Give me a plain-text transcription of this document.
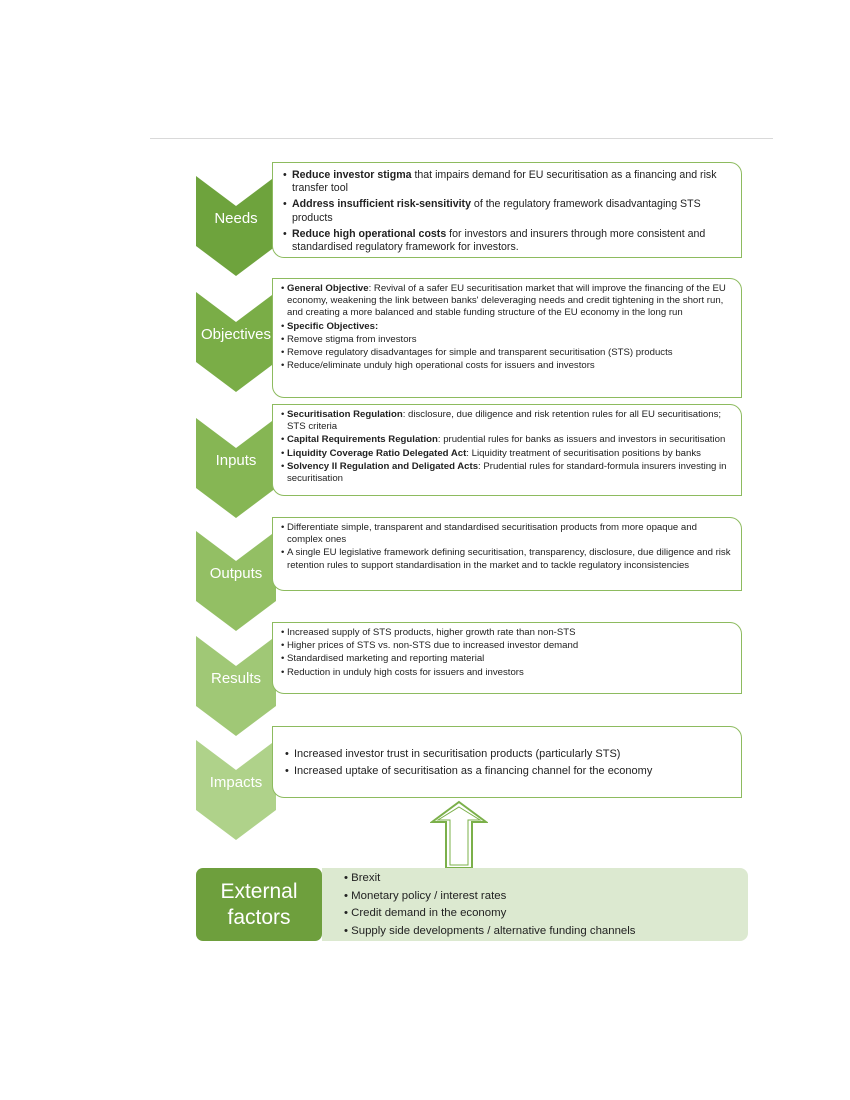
Needs
• Reduce investor stigma that impairs demand for EU securitisation as a financing and risk transfer tool
• Address insufficient risk-sensitivity of the regulatory framework disadvantaging STS products
• Reduce high operational costs for investors and insurers through more consistent and standardised regulatory framework for investors.
Objectives
• General Objective: Revival of a safer EU securitisation market that will improve the financing of the EU economy, weakening the link between banks' deleveraging needs and credit tightening in the short run, and creating a more balanced and stable funding structure of the EU economy in the long run
• Specific Objectives:
• Remove stigma from investors
• Remove regulatory disadvantages for simple and transparent securitisation (STS) products
• Reduce/eliminate unduly high operational costs for issuers and investors
Inputs
• Securitisation Regulation: disclosure, due diligence and risk retention rules for all EU securitisations; STS criteria
• Capital Requirements Regulation: prudential rules for banks as issuers and investors in securitisation
• Liquidity Coverage Ratio Delegated Act: Liquidity treatment of securitisation positions by banks
• Solvency II Regulation and Deligated Acts: Prudential rules for standard-formula insurers investing in securitisation
Outputs
• Differentiate simple, transparent and standardised securitisation products from more opaque and complex ones
• A single EU legislative framework defining securitisation, transparency, disclosure, due diligence and risk retention rules to support standardisation in the market and to tackle regulatory inconsistencies
Results
• Increased supply of STS products, higher growth rate than non-STS
• Higher prices of STS vs. non-STS due to increased investor demand
• Standardised marketing and reporting material
• Reduction in unduly high costs for issuers and investors
Impacts
• Increased investor trust in securitisation products (particularly STS)
• Increased uptake of securitisation as a financing channel for the economy
External
factors
• Brexit
• Monetary policy / interest rates
• Credit demand in the economy
• Supply side developments / alternative funding channels
